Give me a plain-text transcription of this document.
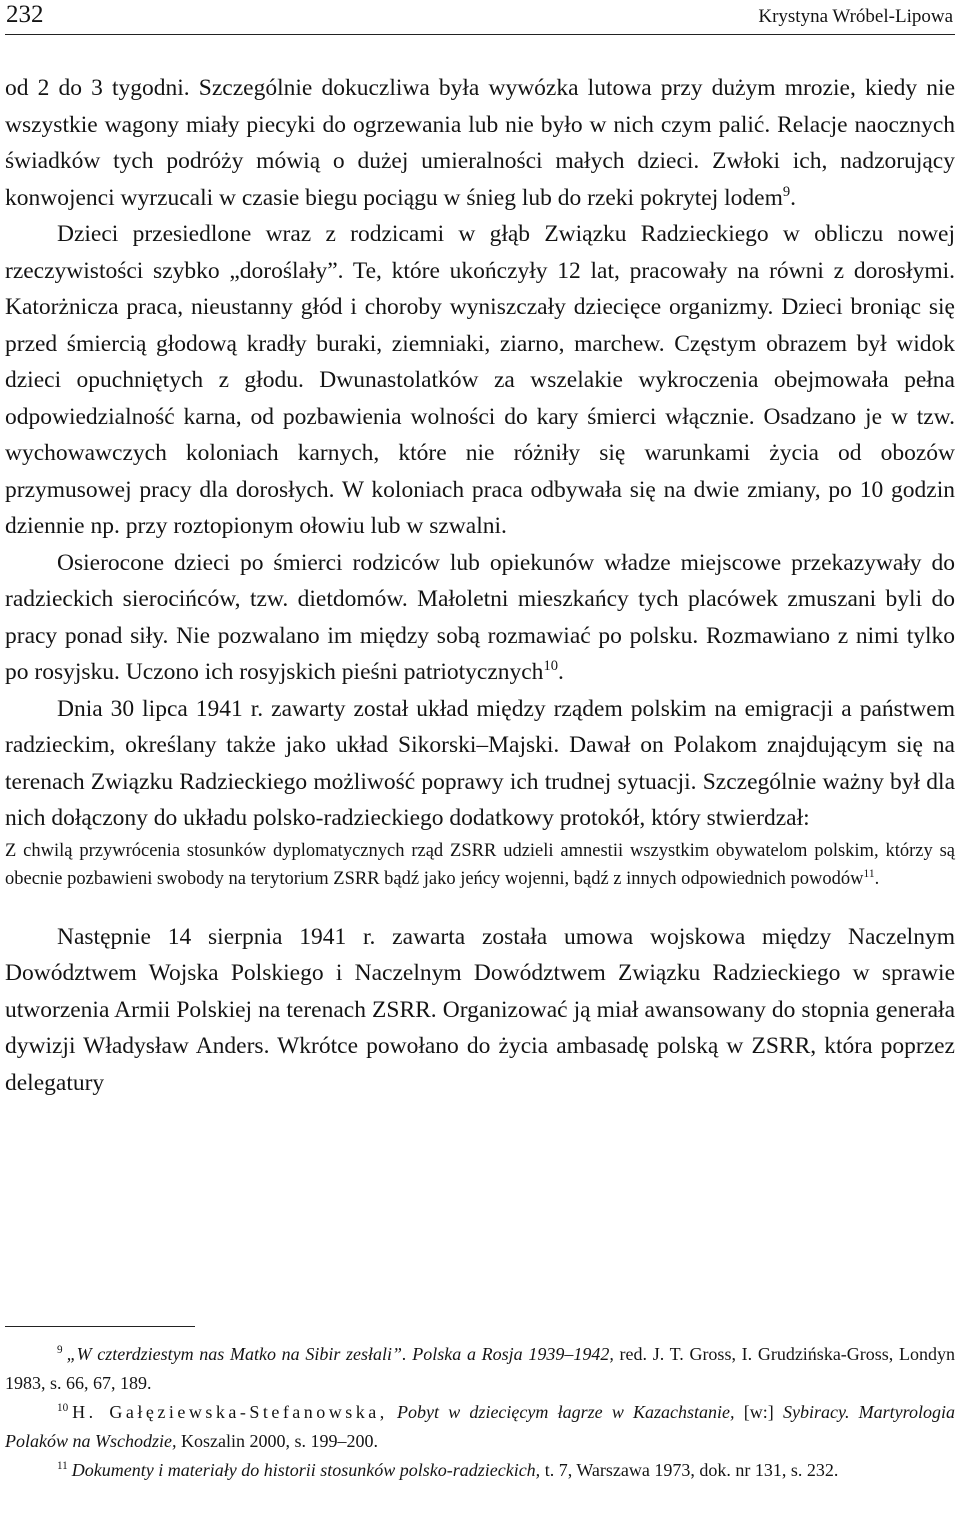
232	Krystyna Wróbel-Lipowa

od 2 do 3 tygodni. Szczególnie dokuczliwa była wywózka lutowa przy dużym mrozie, kiedy nie wszystkie wagony miały piecyki do ogrzewania lub nie było w nich czym palić. Relacje naocznych świadków tych podróży mówią o dużej umieralności małych dzieci. Zwłoki ich, nadzorujący konwojenci wyrzucali w czasie biegu pociągu w śnieg lub do rzeki pokrytej lodem$^9$.

Dzieci przesiedlone wraz z rodzicami w głąb Związku Radzieckiego w obliczu nowej rzeczywistości szybko „doroślały”. Te, które ukończyły 12 lat, pracowały na równi z dorosłymi. Katorżnicza praca, nieustanny głód i choroby wyniszczały dziecięce organizmy. Dzieci broniąc się przed śmiercią głodową kradły buraki, ziemniaki, ziarno, marchew. Częstym obrazem był widok dzieci opuchniętych z głodu. Dwunastolatków za wszelakie wykroczenia obejmowała pełna odpowiedzialność karna, od pozbawienia wolności do kary śmierci włącznie. Osadzano je w tzw. wychowawczych koloniach karnych, które nie różniły się warunkami życia od obozów przymusowej pracy dla dorosłych. W koloniach praca odbywała się na dwie zmiany, po 10 godzin dziennie np. przy roztopionym ołowiu lub w szwalni.

Osierocone dzieci po śmierci rodziców lub opiekunów władze miejscowe przekazywały do radzieckich sierocińców, tzw. dietdomów. Małoletni mieszkańcy tych placówek zmuszani byli do pracy ponad siły. Nie pozwalano im między sobą rozmawiać po polsku. Rozmawiano z nimi tylko po rosyjsku. Uczono ich rosyjskich pieśni patriotycznych$^{10}$.

Dnia 30 lipca 1941 r. zawarty został układ między rządem polskim na emigracji a państwem radzieckim, określany także jako układ Sikorski–Majski. Dawał on Polakom znajdującym się na terenach Związku Radzieckiego możliwość poprawy ich trudnej sytuacji. Szczególnie ważny był dla nich dołączony do układu polsko-radzieckiego dodatkowy protokół, który stwierdzał:

Z chwilą przywrócenia stosunków dyplomatycznych rząd ZSRR udzieli amnestii wszystkim obywatelom polskim, którzy są obecnie pozbawieni swobody na terytorium ZSRR bądź jako jeńcy wojenni, bądź z innych odpowiednich powodów$^{11}$.

Następnie 14 sierpnia 1941 r. zawarta została umowa wojskowa między Naczelnym Dowództwem Wojska Polskiego i Naczelnym Dowództwem Związku Radzieckiego w sprawie utworzenia Armii Polskiej na terenach ZSRR. Organizować ją miał awansowany do stopnia generała dywizji Władysław Anders. Wkrótce powołano do życia ambasadę polską w ZSRR, która poprzez delegatury

$^9$ „W czterdziestym nas Matko na Sibir zesłali”. Polska a Rosja 1939–1942, red. J. T. Gross, I. Grudzińska-Gross, Londyn 1983, s. 66, 67, 189.

$^{10}$ H. Gałęziewska-Stefanowska, Pobyt w dziecięcym łagrze w Kazachstanie, [w:] Sybiracy. Martyrologia Polaków na Wschodzie, Koszalin 2000, s. 199–200.

$^{11}$ Dokumenty i materiały do historii stosunków polsko-radzieckich, t. 7, Warszawa 1973, dok. nr 131, s. 232.
